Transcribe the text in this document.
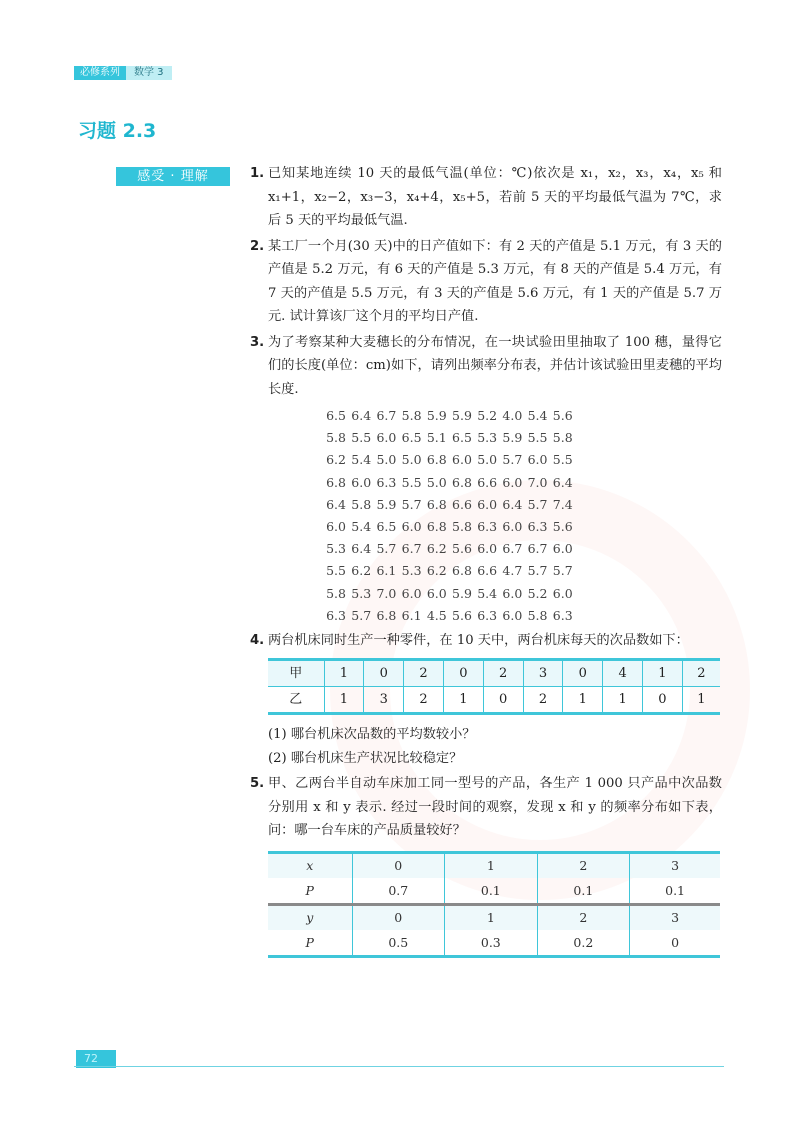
必修系列	数学 3
习题 2.3
感受 · 理解	1. 已知某地连续 10 天的最低气温(单位：℃)依次是 x₁，x₂，x₃，x₄，x₅ 和 x₁+1，x₂−2，x₃−3，x₄+4，x₅+5，若前 5 天的平均最低气温为 7℃，求后 5 天的平均最低气温.
2. 某工厂一个月(30 天)中的日产值如下：有 2 天的产值是 5.1 万元，有 3 天的产值是 5.2 万元，有 6 天的产值是 5.3 万元，有 8 天的产值是 5.4 万元，有 7 天的产值是 5.5 万元，有 3 天的产值是 5.6 万元，有 1 天的产值是 5.7 万元. 试计算该厂这个月的平均日产值.
3. 为了考察某种大麦穗长的分布情况，在一块试验田里抽取了 100 穗，量得它们的长度(单位：cm)如下，请列出频率分布表，并估计该试验田里麦穗的平均长度.
6.5 6.4 6.7 5.8 5.9 5.9 5.2 4.0 5.4 5.6
5.8 5.5 6.0 6.5 5.1 6.5 5.3 5.9 5.5 5.8
6.2 5.4 5.0 5.0 6.8 6.0 5.0 5.7 6.0 5.5
6.8 6.0 6.3 5.5 5.0 6.8 6.6 6.0 7.0 6.4
6.4 5.8 5.9 5.7 6.8 6.6 6.0 6.4 5.7 7.4
6.0 5.4 6.5 6.0 6.8 5.8 6.3 6.0 6.3 5.6
5.3 6.4 5.7 6.7 6.2 5.6 6.0 6.7 6.7 6.0
5.5 6.2 6.1 5.3 6.2 6.8 6.6 4.7 5.7 5.7
5.8 5.3 7.0 6.0 6.0 5.9 5.4 6.0 5.2 6.0
6.3 5.7 6.8 6.1 4.5 5.6 6.3 6.0 5.8 6.3
4. 两台机床同时生产一种零件，在 10 天中，两台机床每天的次品数如下：
甲	1	0	2	0	2	3	0	4	1	2
乙	1	3	2	1	0	2	1	1	0	1
(1) 哪台机床次品数的平均数较小？
(2) 哪台机床生产状况比较稳定？
5. 甲、乙两台半自动车床加工同一型号的产品，各生产 1 000 只产品中次品数分别用 x 和 y 表示. 经过一段时间的观察，发现 x 和 y 的频率分布如下表，问：哪一台车床的产品质量较好？
x	0	1	2	3
P	0.7	0.1	0.1	0.1
y	0	1	2	3
P	0.5	0.3	0.2	0
72
